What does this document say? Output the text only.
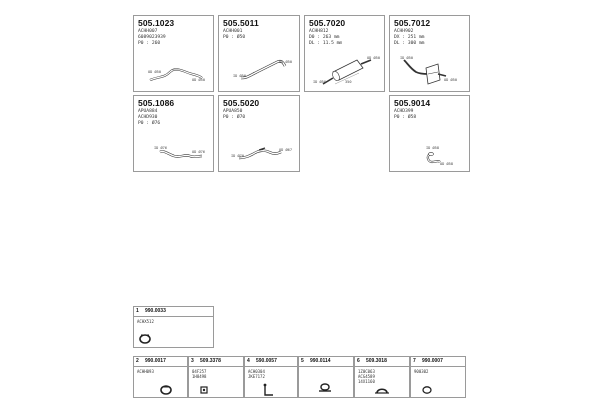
505.1023
ACHH007
6089023939
P0 : 260
OD Ø50
OD Ø50
505.5011
ACHH001
P0 : Ø50
ID Ø50
OD Ø50
505.7020
ACHH812
D0 : 263 mm
DL : 11.5 mm
ID Ø50
OD Ø50
350
505.7012
ACHH902
DX : 251 mm
DL : 300 mm
ID Ø50
OD Ø50
505.1086
APUA884
ACHD930
P0 : Ø76
ID Ø76
OD Ø76
505.5020
APUA850
P0 : Ø70
ID Ø70
OD Ø67
505.9014
ACHD399
P0 : Ø58
ID Ø58
OD Ø58
1 990.0033
ACHX512
2 990.0017
ACHH093
3 509.3378
04F257
1H8498
4 590.0057
ACH0304
JKE7172
5 990.0114	6 509.3018
1Z0C063
ACG4589
14X1160
7 990.0007
900302
